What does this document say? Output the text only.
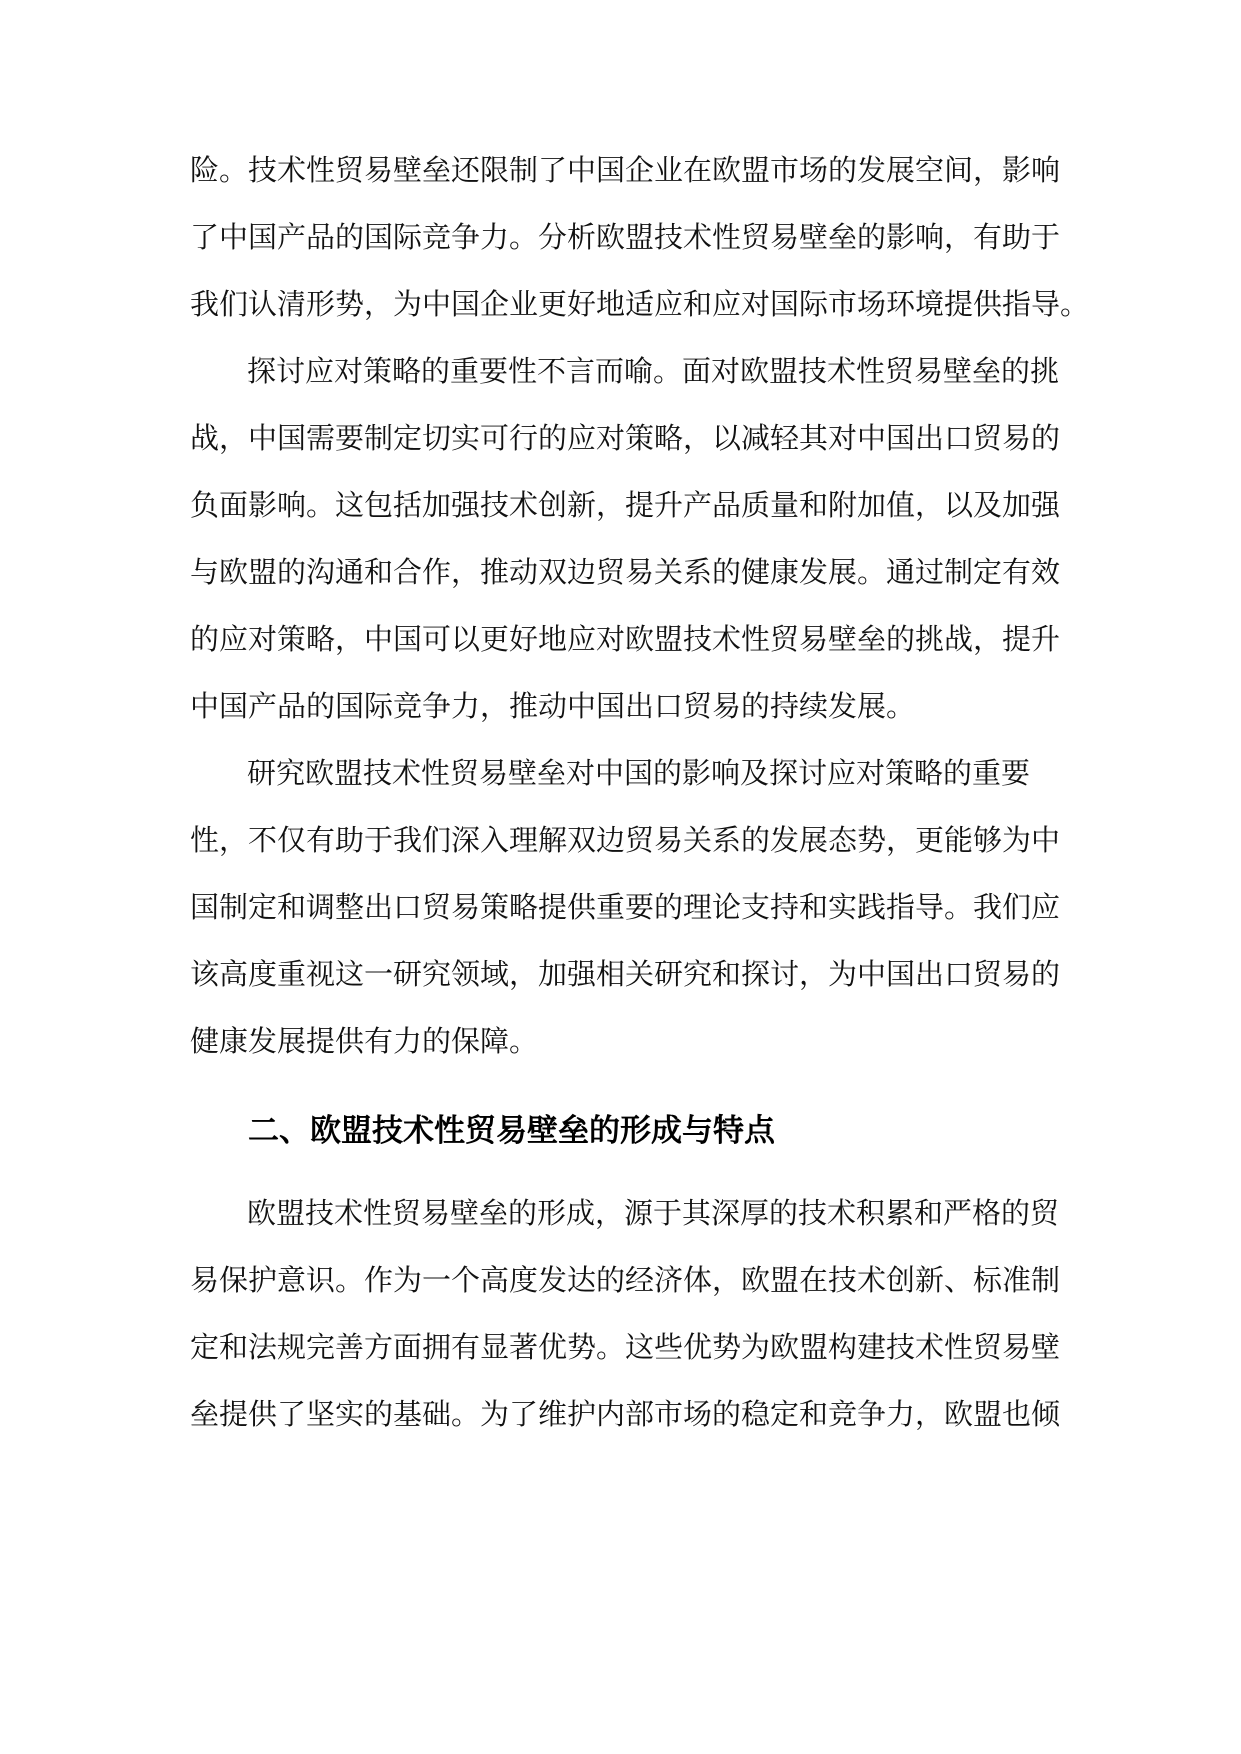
险。技术性贸易壁垒还限制了中国企业在欧盟市场的发展空间，影响
了中国产品的国际竞争力。分析欧盟技术性贸易壁垒的影响，有助于
我们认清形势，为中国企业更好地适应和应对国际市场环境提供指导。
探讨应对策略的重要性不言而喻。面对欧盟技术性贸易壁垒的挑
战，中国需要制定切实可行的应对策略，以减轻其对中国出口贸易的
负面影响。这包括加强技术创新，提升产品质量和附加值，以及加强
与欧盟的沟通和合作，推动双边贸易关系的健康发展。通过制定有效
的应对策略，中国可以更好地应对欧盟技术性贸易壁垒的挑战，提升
中国产品的国际竞争力，推动中国出口贸易的持续发展。
研究欧盟技术性贸易壁垒对中国的影响及探讨应对策略的重要
性，不仅有助于我们深入理解双边贸易关系的发展态势，更能够为中
国制定和调整出口贸易策略提供重要的理论支持和实践指导。我们应
该高度重视这一研究领域，加强相关研究和探讨，为中国出口贸易的
健康发展提供有力的保障。
二、欧盟技术性贸易壁垒的形成与特点
欧盟技术性贸易壁垒的形成，源于其深厚的技术积累和严格的贸
易保护意识。作为一个高度发达的经济体，欧盟在技术创新、标准制
定和法规完善方面拥有显著优势。这些优势为欧盟构建技术性贸易壁
垒提供了坚实的基础。为了维护内部市场的稳定和竞争力，欧盟也倾
